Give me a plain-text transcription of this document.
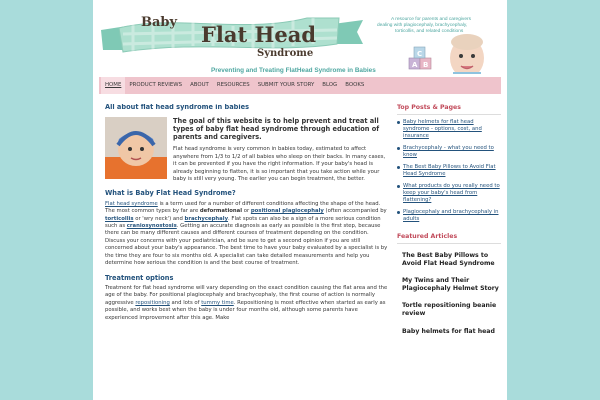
Baby Flat Head
Syndrome
Preventing and Treating FlatHead Syndrome in Babies
A resource for parents and caregivers dealing with plagiocephaly, brachycephaly, torticollis, and related conditions
A B
C
HOME	PRODUCT REVIEWS	ABOUT	RESOURCES	SUBMIT YOUR STORY	BLOG	BOOKS
All about flat head syndrome in babies
The goal of this website is to help prevent and treat all types of baby flat head syndrome through education of parents and caregivers.

Flat head syndrome is very common in babies today, estimated to affect anywhere from 1/3 to 1/2 of all babies who sleep on their backs. In many cases, it can be prevented if you have the right information. If your baby's head is already beginning to flatten, it is so important that you take action while your baby is still very young. The earlier you can begin treatment, the better.

What is Baby Flat Head Syndrome?

Flat head syndrome is a term used for a number of different conditions affecting the shape of the head. The most common types by far are deformational or positional plagiocephaly (often accompanied by torticollis or 'wry neck') and brachycephaly. Flat spots can also be a sign of a more serious condition such as craniosynostosis. Getting an accurate diagnosis as early as possible is the first step, because there can be many different causes and different courses of treatment depending on the condition. Discuss your concerns with your pediatrician, and be sure to get a second opinion if you are still concerned about your baby's appearance. The best time to have your baby evaluated by a specialist is by the time they are four to six months old. A specialist can take detailed measurements and help you determine how serious the condition is and the best course of treatment.

Treatment options

Treatment for flat head syndrome will vary depending on the exact condition causing the flat area and the age of the baby. For positional plagiocephaly and brachycephaly, the first course of action is normally aggressive repositioning and lots of tummy time. Repositioning is most effective when started as early as possible, and works best when the baby is under four months old, although some parents have experienced improvement after this age. Make

Top Posts & Pages
Baby helmets for flat head syndrome - options, cost, and insurance
Brachycephaly - what you need to know
The Best Baby Pillows to Avoid Flat Head Syndrome
What products do you really need to keep your baby's head from flattening?
Plagiocephaly and brachycephaly in adults
Featured Articles
The Best Baby Pillows to Avoid Flat Head Syndrome
My Twins and Their Plagiocephaly Helmet Story
Tortle repositioning beanie review
Baby helmets for flat head
